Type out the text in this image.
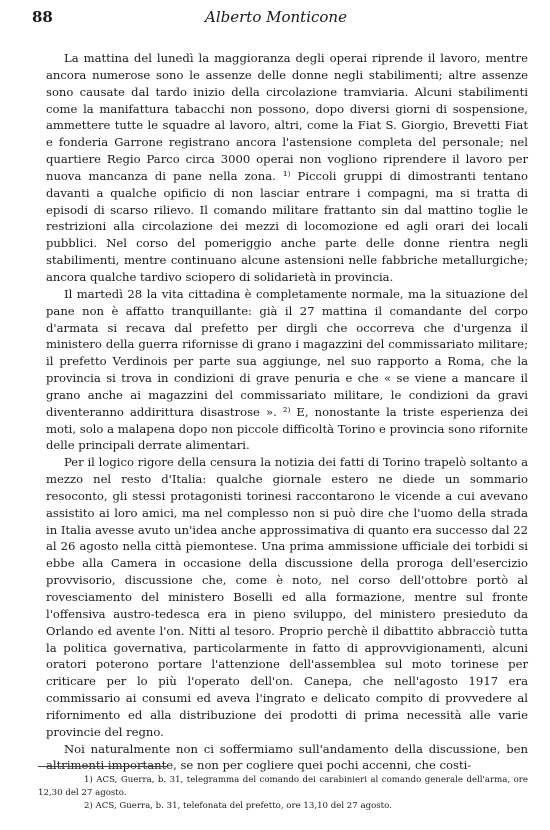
88	Alberto Monticone

La mattina del lunedì la maggioranza degli operai riprende il lavoro, mentre ancora numerose sono le assenze delle donne negli stabilimenti; altre assenze sono causate dal tardo inizio della circolazione tramviaria. Alcuni stabilimenti come la manifattura tabacchi non possono, dopo diversi giorni di sospensione, ammettere tutte le squadre al lavoro, altri, come la Fiat S. Giorgio, Brevetti Fiat e fonderia Garrone registrano ancora l'astensione completa del personale; nel quartiere Regio Parco circa 3000 operai non vogliono riprendere il lavoro per nuova mancanza di pane nella zona. ¹⁾ Piccoli gruppi di dimostranti tentano davanti a qualche opificio di non lasciar entrare i compagni, ma si tratta di episodi di scarso rilievo. Il comando militare frattanto sin dal mattino toglie le restrizioni alla circolazione dei mezzi di locomozione ed agli orari dei locali pubblici. Nel corso del pomeriggio anche parte delle donne rientra negli stabilimenti, mentre continuano alcune astensioni nelle fabbriche metallurgiche; ancora qualche tardivo sciopero di solidarietà in provincia.

Il martedì 28 la vita cittadina è completamente normale, ma la situazione del pane non è affatto tranquillante: già il 27 mattina il comandante del corpo d'armata si recava dal prefetto per dirgli che occorreva che d'urgenza il ministero della guerra rifornisse di grano i magazzini del commissariato militare; il prefetto Verdinois per parte sua aggiunge, nel suo rapporto a Roma, che la provincia si trova in condizioni di grave penuria e che « se viene a mancare il grano anche ai magazzini del commissariato militare, le condizioni da gravi diventeranno addirittura disastrose ». ²⁾ E, nonostante la triste esperienza dei moti, solo a malapena dopo non piccole difficoltà Torino e provincia sono rifornite delle principali derrate alimentari.

Per il logico rigore della censura la notizia dei fatti di Torino trapelò soltanto a mezzo nel resto d'Italia: qualche giornale estero ne diede un sommario resoconto, gli stessi protagonisti torinesi raccontarono le vicende a cui avevano assistito ai loro amici, ma nel complesso non si può dire che l'uomo della strada in Italia avesse avuto un'idea anche approssimativa di quanto era successo dal 22 al 26 agosto nella città piemontese. Una prima ammissione ufficiale dei torbidi si ebbe alla Camera in occasione della discussione della proroga dell'esercizio provvisorio, discussione che, come è noto, nel corso dell'ottobre portò al rovesciamento del ministero Boselli ed alla formazione, mentre sul fronte l'offensiva austro-tedesca era in pieno sviluppo, del ministero presieduto da Orlando ed avente l'on. Nitti al tesoro. Proprio perchè il dibattito abbracciò tutta la politica governativa, particolarmente in fatto di approvvigionamenti, alcuni oratori poterono portare l'attenzione dell'assemblea sul moto torinese per criticare per lo più l'operato dell'on. Canepa, che nell'agosto 1917 era commissario ai consumi ed aveva l'ingrato e delicato compito di provvedere al rifornimento ed alla distribuzione dei prodotti di prima necessità alle varie provincie del regno.

Noi naturalmente non ci soffermiamo sull'andamento della discussione, ben altrimenti importante, se non per cogliere quei pochi accenni, che costi-

1) ACS, Guerra, b. 31, telegramma del comando dei carabinieri al comando generale dell'arma, ore 12,30 del 27 agosto.

2) ACS, Guerra, b. 31, telefonata del prefetto, ore 13,10 del 27 agosto.
